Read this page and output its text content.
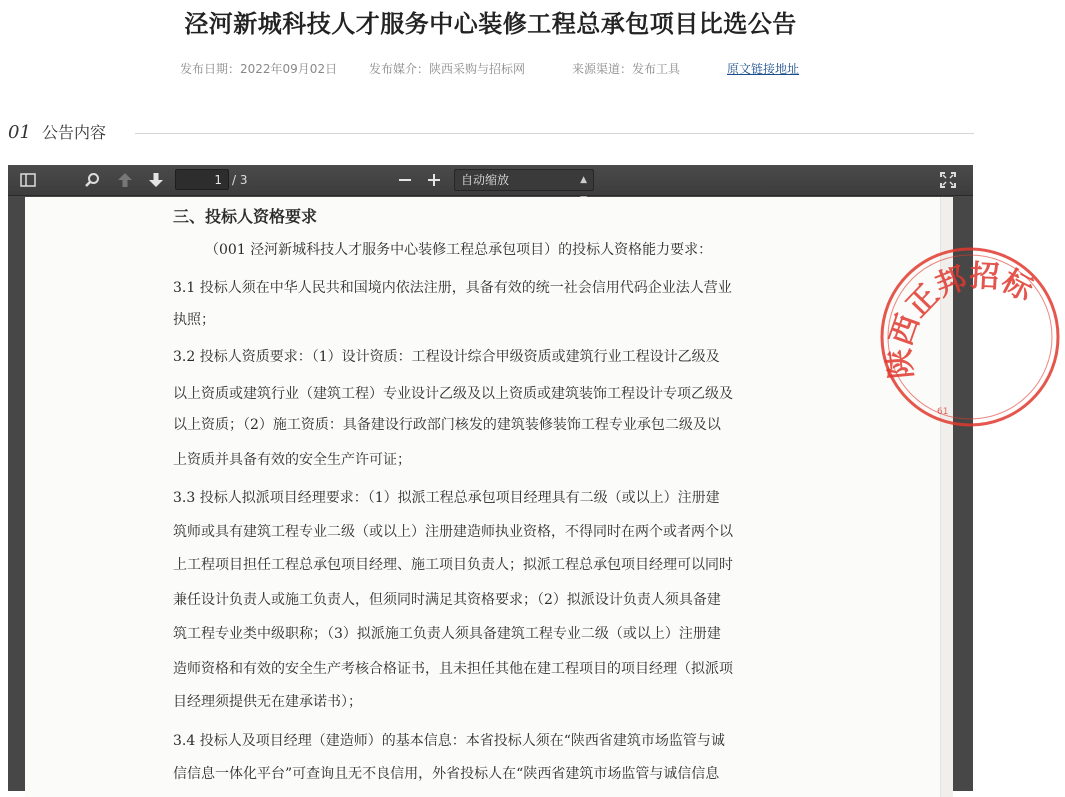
泾河新城科技人才服务中心装修工程总承包项目比选公告
发布日期：2022年09月02日	发布媒介：陕西采购与招标网	来源渠道：发布工具	原文链接地址
01 公告内容
1
/ 3	自动缩放	▲

三、投标人资格要求
（001 泾河新城科技人才服务中心装修工程总承包项目）的投标人资格能力要求：
3.1 投标人须在中华人民共和国境内依法注册，具备有效的统一社会信用代码企业法人营业
执照；
3.2 投标人资质要求：（1）设计资质：工程设计综合甲级资质或建筑行业工程设计乙级及
以上资质或建筑行业（建筑工程）专业设计乙级及以上资质或建筑装饰工程设计专项乙级及
以上资质；（2）施工资质：具备建设行政部门核发的建筑装修装饰工程专业承包二级及以
上资质并具备有效的安全生产许可证；
3.3 投标人拟派项目经理要求：（1）拟派工程总承包项目经理具有二级（或以上）注册建
筑师或具有建筑工程专业二级（或以上）注册建造师执业资格，不得同时在两个或者两个以
上工程项目担任工程总承包项目经理、施工项目负责人；拟派工程总承包项目经理可以同时
兼任设计负责人或施工负责人，但须同时满足其资格要求；（2）拟派设计负责人须具备建
筑工程专业类中级职称；（3）拟派施工负责人须具备建筑工程专业二级（或以上）注册建
造师资格和有效的安全生产考核合格证书，且未担任其他在建工程项目的项目经理（拟派项
目经理须提供无在建承诺书）；
3.4 投标人及项目经理（建造师）的基本信息：本省投标人须在“陕西省建筑市场监管与诚
信信息一体化平台”可查询且无不良信用，外省投标人在“陕西省建筑市场监管与诚信信息
陕西正邦招标
61
